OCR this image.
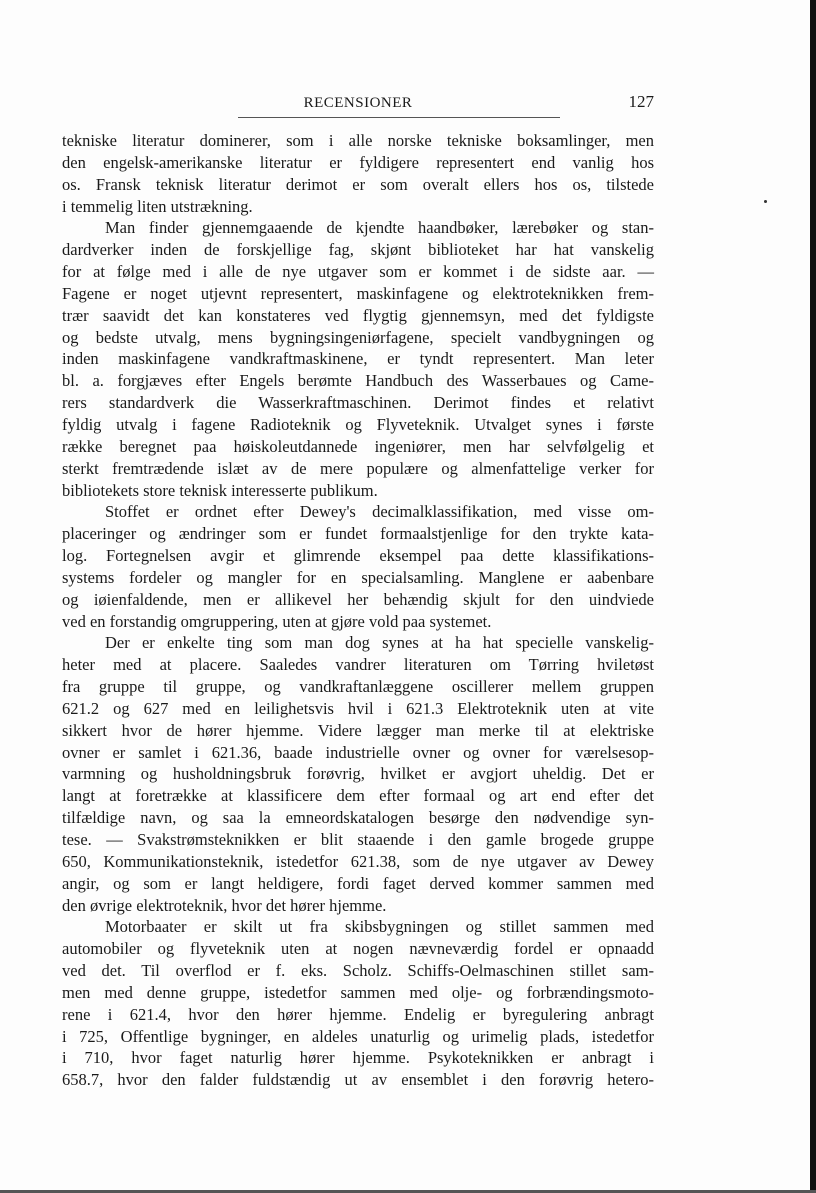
RECENSIONER	127
tekniske literatur dominerer, som i alle norske tekniske boksamlinger, men
den engelsk-amerikanske literatur er fyldigere representert end vanlig hos
os. Fransk teknisk literatur derimot er som overalt ellers hos os, tilstede
i temmelig liten utstrækning.
Man finder gjennemgaaende de kjendte haandbøker, lærebøker og stan-
dardverker inden de forskjellige fag, skjønt biblioteket har hat vanskelig
for at følge med i alle de nye utgaver som er kommet i de sidste aar. —
Fagene er noget utjevnt representert, maskinfagene og elektroteknikken frem-
trær saavidt det kan konstateres ved flygtig gjennemsyn, med det fyldigste
og bedste utvalg, mens bygningsingeniørfagene, specielt vandbygningen og
inden maskinfagene vandkraftmaskinene, er tyndt representert. Man leter
bl. a. forgjæves efter Engels berømte Handbuch des Wasserbaues og Came-
rers standardverk die Wasserkraftmaschinen. Derimot findes et relativt
fyldig utvalg i fagene Radioteknik og Flyveteknik. Utvalget synes i første
række beregnet paa høiskoleutdannede ingeniører, men har selvfølgelig et
sterkt fremtrædende islæt av de mere populære og almenfattelige verker for
bibliotekets store teknisk interesserte publikum.
Stoffet er ordnet efter Dewey's decimalklassifikation, med visse om-
placeringer og ændringer som er fundet formaalstjenlige for den trykte kata-
log. Fortegnelsen avgir et glimrende eksempel paa dette klassifikations-
systems fordeler og mangler for en specialsamling. Manglene er aabenbare
og iøienfaldende, men er allikevel her behændig skjult for den uindviede
ved en forstandig omgruppering, uten at gjøre vold paa systemet.
Der er enkelte ting som man dog synes at ha hat specielle vanskelig-
heter med at placere. Saaledes vandrer literaturen om Tørring hviletøst
fra gruppe til gruppe, og vandkraftanlæggene oscillerer mellem gruppen
621.2 og 627 med en leilighetsvis hvil i 621.3 Elektroteknik uten at vite
sikkert hvor de hører hjemme. Videre lægger man merke til at elektriske
ovner er samlet i 621.36, baade industrielle ovner og ovner for værelsesop-
varmning og husholdningsbruk forøvrig, hvilket er avgjort uheldig. Det er
langt at foretrække at klassificere dem efter formaal og art end efter det
tilfældige navn, og saa la emneordskatalogen besørge den nødvendige syn-
tese. — Svakstrømsteknikken er blit staaende i den gamle brogede gruppe
650, Kommunikationsteknik, istedetfor 621.38, som de nye utgaver av Dewey
angir, og som er langt heldigere, fordi faget derved kommer sammen med
den øvrige elektroteknik, hvor det hører hjemme.
Motorbaater er skilt ut fra skibsbygningen og stillet sammen med
automobiler og flyveteknik uten at nogen nævneværdig fordel er opnaadd
ved det. Til overflod er f. eks. Scholz. Schiffs-Oelmaschinen stillet sam-
men med denne gruppe, istedetfor sammen med olje- og forbrændingsmoto-
rene i 621.4, hvor den hører hjemme. Endelig er byregulering anbragt
i 725, Offentlige bygninger, en aldeles unaturlig og urimelig plads, istedetfor
i 710, hvor faget naturlig hører hjemme. Psykoteknikken er anbragt i
658.7, hvor den falder fuldstændig ut av ensemblet i den forøvrig hetero-
